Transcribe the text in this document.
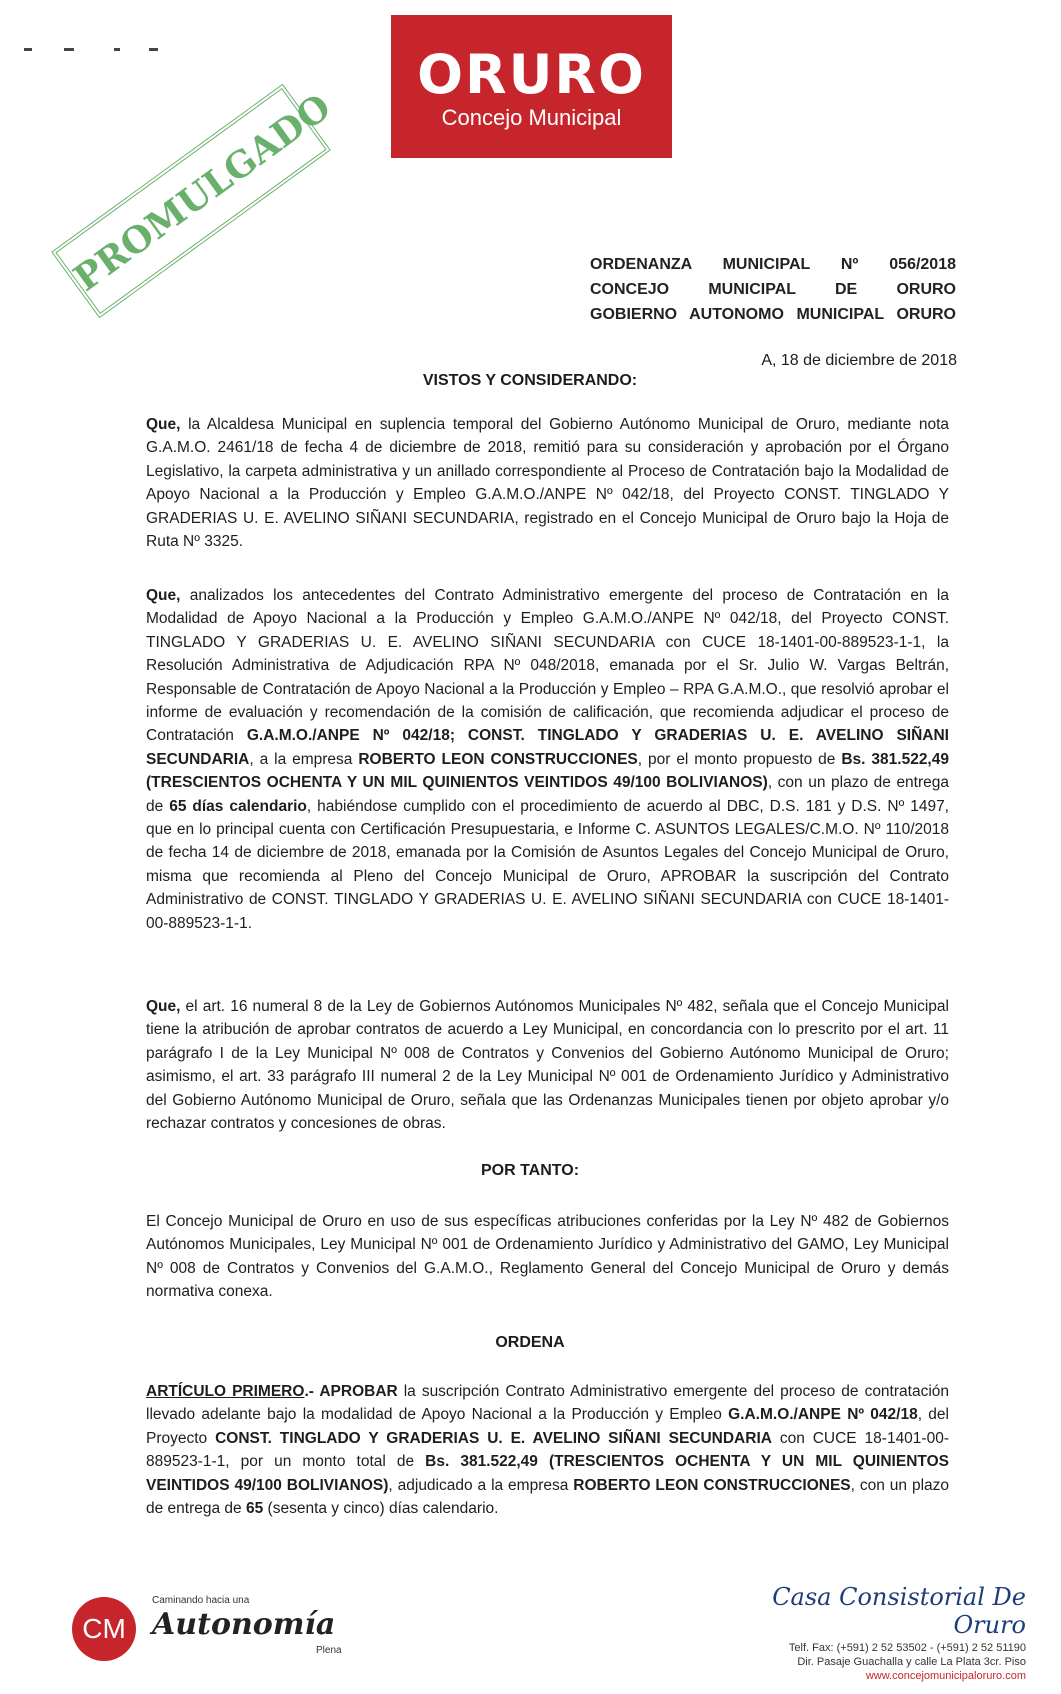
ORURO
Concejo Municipal
PROMULGADO	ORDENANZA MUNICIPAL Nº 056/2018
CONCEJO MUNICIPAL DE ORURO
GOBIERNO AUTONOMO MUNICIPAL ORURO
A, 18 de diciembre de 2018
VISTOS Y CONSIDERANDO:

Que, la Alcaldesa Municipal en suplencia temporal del Gobierno Autónomo Municipal de Oruro, mediante nota G.A.M.O. 2461/18 de fecha 4 de diciembre de 2018, remitió para su consideración y aprobación por el Órgano Legislativo, la carpeta administrativa y un anillado correspondiente al Proceso de Contratación bajo la Modalidad de Apoyo Nacional a la Producción y Empleo G.A.M.O./ANPE Nº 042/18, del Proyecto CONST. TINGLADO Y GRADERIAS U. E. AVELINO SIÑANI SECUNDARIA, registrado en el Concejo Municipal de Oruro bajo la Hoja de Ruta Nº 3325.

Que, analizados los antecedentes del Contrato Administrativo emergente del proceso de Contratación en la Modalidad de Apoyo Nacional a la Producción y Empleo G.A.M.O./ANPE Nº 042/18, del Proyecto CONST. TINGLADO Y GRADERIAS U. E. AVELINO SIÑANI SECUNDARIA con CUCE 18-1401-00-889523-1-1, la Resolución Administrativa de Adjudicación RPA Nº 048/2018, emanada por el Sr. Julio W. Vargas Beltrán, Responsable de Contratación de Apoyo Nacional a la Producción y Empleo – RPA G.A.M.O., que resolvió aprobar el informe de evaluación y recomendación de la comisión de calificación, que recomienda adjudicar el proceso de Contratación G.A.M.O./ANPE Nº 042/18; CONST. TINGLADO Y GRADERIAS U. E. AVELINO SIÑANI SECUNDARIA, a la empresa ROBERTO LEON CONSTRUCCIONES, por el monto propuesto de Bs. 381.522,49 (TRESCIENTOS OCHENTA Y UN MIL QUINIENTOS VEINTIDOS 49/100 BOLIVIANOS), con un plazo de entrega de 65 días calendario, habiéndose cumplido con el procedimiento de acuerdo al DBC, D.S. 181 y D.S. Nº 1497, que en lo principal cuenta con Certificación Presupuestaria, e Informe C. ASUNTOS LEGALES/C.M.O. Nº 110/2018 de fecha 14 de diciembre de 2018, emanada por la Comisión de Asuntos Legales del Concejo Municipal de Oruro, misma que recomienda al Pleno del Concejo Municipal de Oruro, APROBAR la suscripción del Contrato Administrativo de CONST. TINGLADO Y GRADERIAS U. E. AVELINO SIÑANI SECUNDARIA con CUCE 18-1401-00-889523-1-1.

Que, el art. 16 numeral 8 de la Ley de Gobiernos Autónomos Municipales Nº 482, señala que el Concejo Municipal tiene la atribución de aprobar contratos de acuerdo a Ley Municipal, en concordancia con lo prescrito por el art. 11 parágrafo I de la Ley Municipal Nº 008 de Contratos y Convenios del Gobierno Autónomo Municipal de Oruro; asimismo, el art. 33 parágrafo III numeral 2 de la Ley Municipal Nº 001 de Ordenamiento Jurídico y Administrativo del Gobierno Autónomo Municipal de Oruro, señala que las Ordenanzas Municipales tienen por objeto aprobar y/o rechazar contratos y concesiones de obras.

POR TANTO:

El Concejo Municipal de Oruro en uso de sus específicas atribuciones conferidas por la Ley Nº 482 de Gobiernos Autónomos Municipales, Ley Municipal Nº 001 de Ordenamiento Jurídico y Administrativo del GAMO, Ley Municipal Nº 008 de Contratos y Convenios del G.A.M.O., Reglamento General del Concejo Municipal de Oruro y demás normativa conexa.

ORDENA

ARTÍCULO PRIMERO.- APROBAR la suscripción Contrato Administrativo emergente del proceso de contratación llevado adelante bajo la modalidad de Apoyo Nacional a la Producción y Empleo G.A.M.O./ANPE Nº 042/18, del Proyecto CONST. TINGLADO Y GRADERIAS U. E. AVELINO SIÑANI SECUNDARIA con CUCE 18-1401-00-889523-1-1, por un monto total de Bs. 381.522,49 (TRESCIENTOS OCHENTA Y UN MIL QUINIENTOS VEINTIDOS 49/100 BOLIVIANOS), adjudicado a la empresa ROBERTO LEON CONSTRUCCIONES, con un plazo de entrega de 65 (sesenta y cinco) días calendario.

CM
Caminando hacia una
Autonomía
Plena
Casa Consistorial De Oruro
Telf. Fax: (+591) 2 52 53502 - (+591) 2 52 51190
Dir. Pasaje Guachalla y calle La Plata 3cr. Piso
www.concejomunicipaloruro.com
